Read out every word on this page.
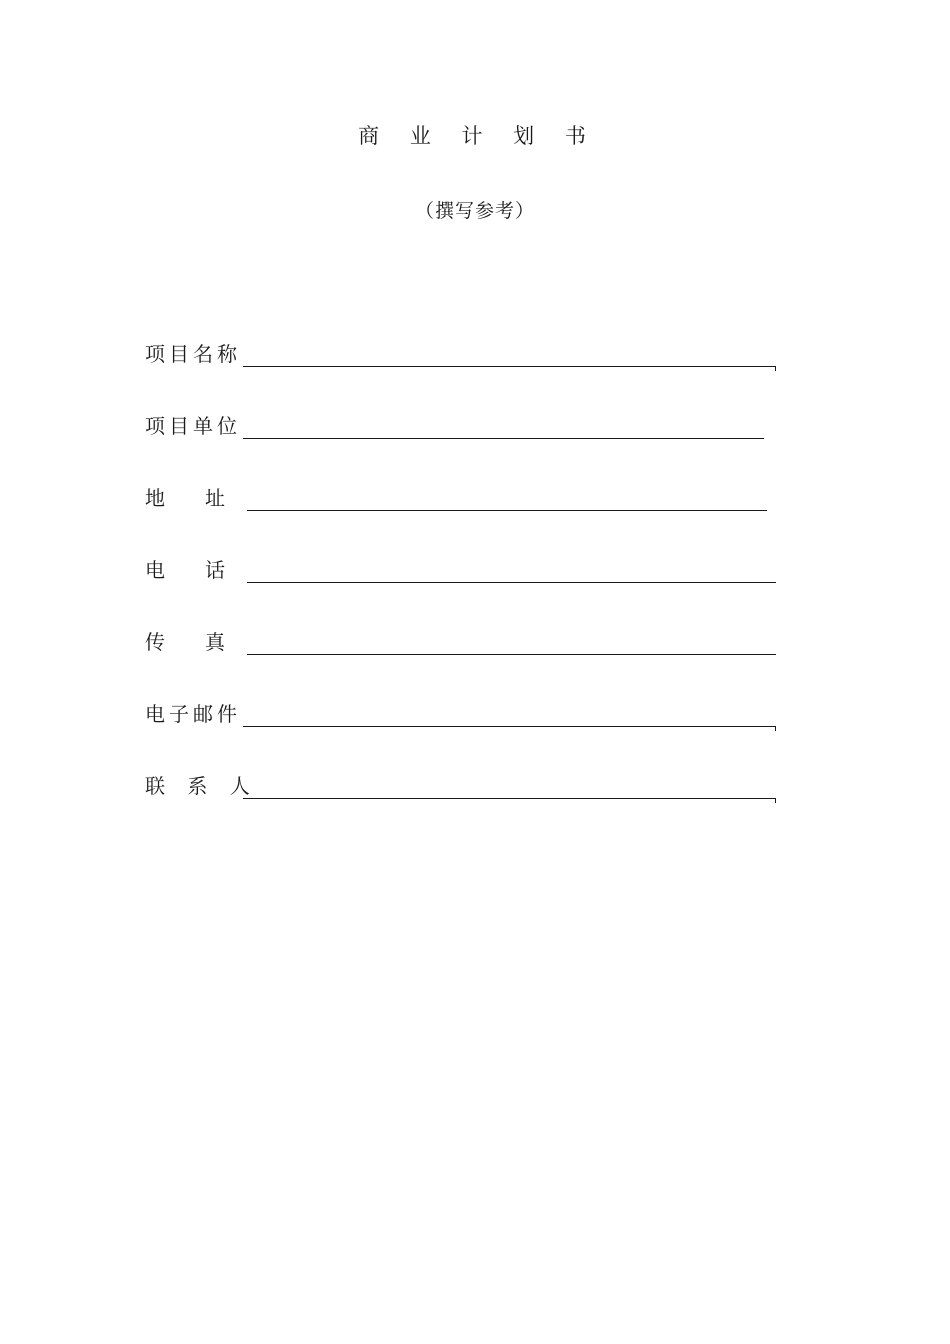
商 业 计 划 书
（撰写参考）
项目名称
项目单位
地　　址
电　　话
传　　真
电子邮件
联 系 人
